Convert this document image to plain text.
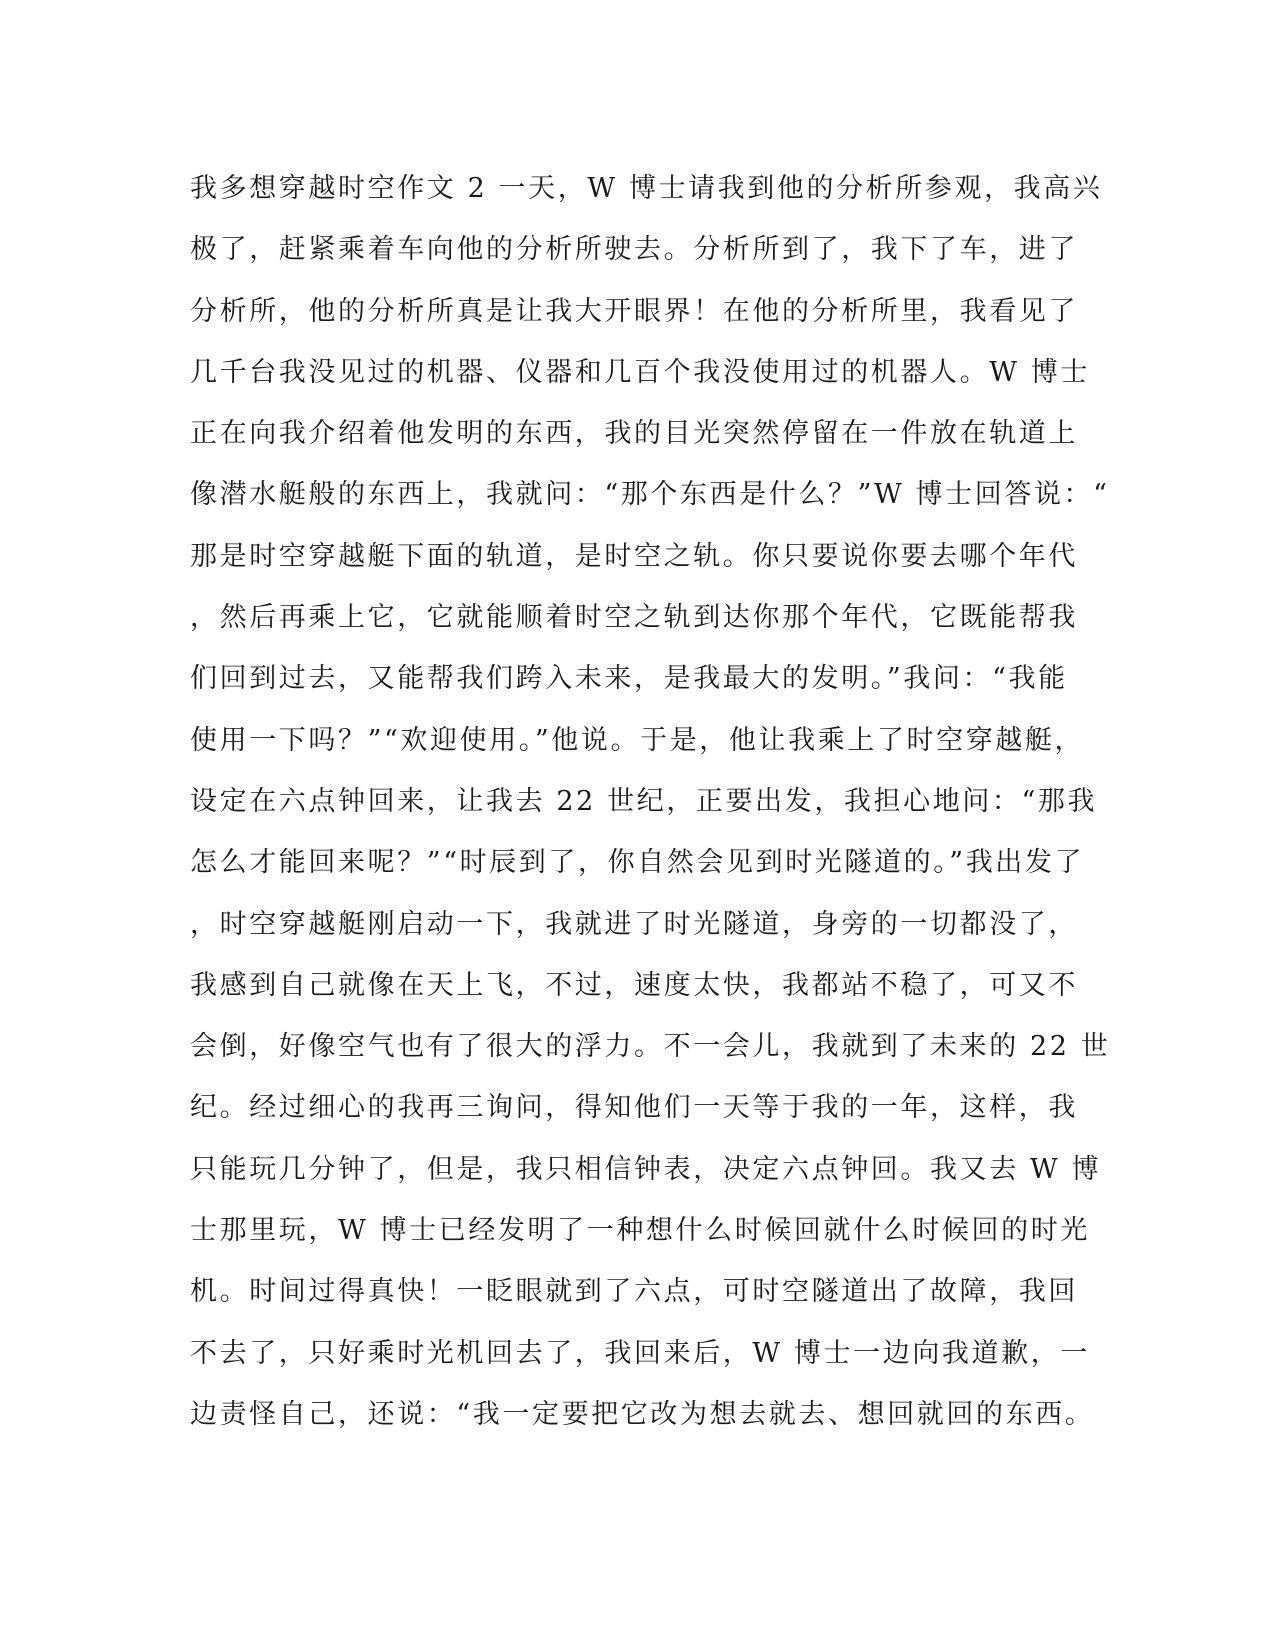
我多想穿越时空作文 2 一天，W 博士请我到他的分析所参观，我高兴
极了，赶紧乘着车向他的分析所驶去。分析所到了，我下了车，进了
分析所，他的分析所真是让我大开眼界！在他的分析所里，我看见了
几千台我没见过的机器、仪器和几百个我没使用过的机器人。W 博士
正在向我介绍着他发明的东西，我的目光突然停留在一件放在轨道上
像潜水艇般的东西上，我就问：“那个东西是什么？”W 博士回答说：“
那是时空穿越艇下面的轨道，是时空之轨。你只要说你要去哪个年代
，然后再乘上它，它就能顺着时空之轨到达你那个年代，它既能帮我
们回到过去，又能帮我们跨入未来，是我最大的发明。”我问：“我能
使用一下吗？”“欢迎使用。”他说。于是，他让我乘上了时空穿越艇，
设定在六点钟回来，让我去 22 世纪，正要出发，我担心地问：“那我
怎么才能回来呢？”“时辰到了，你自然会见到时光隧道的。”我出发了
，时空穿越艇刚启动一下，我就进了时光隧道，身旁的一切都没了，
我感到自己就像在天上飞，不过，速度太快，我都站不稳了，可又不
会倒，好像空气也有了很大的浮力。不一会儿，我就到了未来的 22 世
纪。经过细心的我再三询问，得知他们一天等于我的一年，这样，我
只能玩几分钟了，但是，我只相信钟表，决定六点钟回。我又去 W 博
士那里玩，W 博士已经发明了一种想什么时候回就什么时候回的时光
机。时间过得真快！一眨眼就到了六点，可时空隧道出了故障，我回
不去了，只好乘时光机回去了，我回来后，W 博士一边向我道歉，一
边责怪自己，还说：“我一定要把它改为想去就去、想回就回的东西。
